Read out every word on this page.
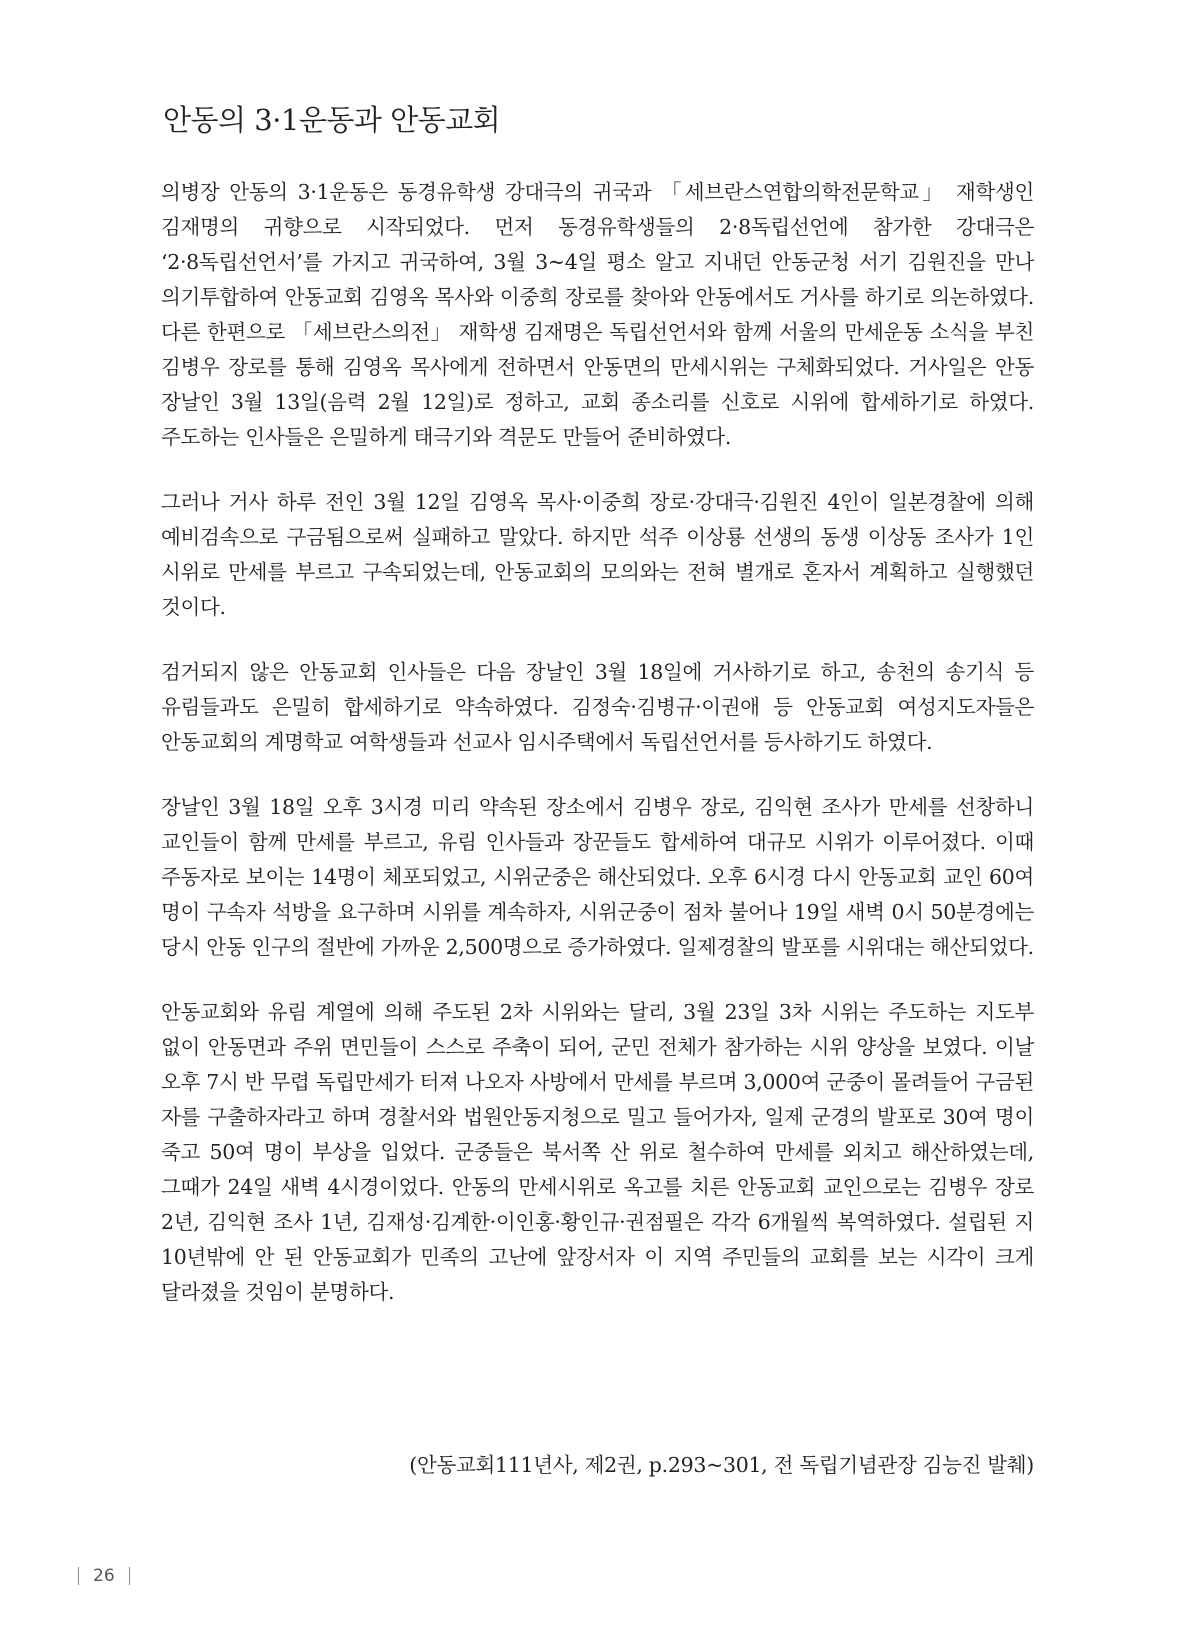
안동의 3·1운동과 안동교회

의병장 안동의 3·1운동은 동경유학생 강대극의 귀국과 「세브란스연합의학전문학교」 재학생인 김재명의 귀향으로 시작되었다. 먼저 동경유학생들의 2·8독립선언에 참가한 강대극은 ‘2·8독립선언서’를 가지고 귀국하여, 3월 3~4일 평소 알고 지내던 안동군청 서기 김원진을 만나 의기투합하여 안동교회 김영옥 목사와 이중희 장로를 찾아와 안동에서도 거사를 하기로 의논하였다. 다른 한편으로 「세브란스의전」 재학생 김재명은 독립선언서와 함께 서울의 만세운동 소식을 부친 김병우 장로를 통해 김영옥 목사에게 전하면서 안동면의 만세시위는 구체화되었다. 거사일은 안동 장날인 3월 13일(음력 2월 12일)로 정하고, 교회 종소리를 신호로 시위에 합세하기로 하였다. 주도하는 인사들은 은밀하게 태극기와 격문도 만들어 준비하였다.

그러나 거사 하루 전인 3월 12일 김영옥 목사·이중희 장로·강대극·김원진 4인이 일본경찰에 의해 예비검속으로 구금됨으로써 실패하고 말았다. 하지만 석주 이상룡 선생의 동생 이상동 조사가 1인 시위로 만세를 부르고 구속되었는데, 안동교회의 모의와는 전혀 별개로 혼자서 계획하고 실행했던 것이다.

검거되지 않은 안동교회 인사들은 다음 장날인 3월 18일에 거사하기로 하고, 송천의 송기식 등 유림들과도 은밀히 합세하기로 약속하였다. 김정숙·김병규·이권애 등 안동교회 여성지도자들은 안동교회의 계명학교 여학생들과 선교사 임시주택에서 독립선언서를 등사하기도 하였다.

장날인 3월 18일 오후 3시경 미리 약속된 장소에서 김병우 장로, 김익현 조사가 만세를 선창하니 교인들이 함께 만세를 부르고, 유림 인사들과 장꾼들도 합세하여 대규모 시위가 이루어졌다. 이때 주동자로 보이는 14명이 체포되었고, 시위군중은 해산되었다. 오후 6시경 다시 안동교회 교인 60여 명이 구속자 석방을 요구하며 시위를 계속하자, 시위군중이 점차 불어나 19일 새벽 0시 50분경에는 당시 안동 인구의 절반에 가까운 2,500명으로 증가하였다. 일제경찰의 발포를 시위대는 해산되었다.

안동교회와 유림 계열에 의해 주도된 2차 시위와는 달리, 3월 23일 3차 시위는 주도하는 지도부 없이 안동면과 주위 면민들이 스스로 주축이 되어, 군민 전체가 참가하는 시위 양상을 보였다. 이날 오후 7시 반 무렵 독립만세가 터져 나오자 사방에서 만세를 부르며 3,000여 군중이 몰려들어 구금된 자를 구출하자라고 하며 경찰서와 법원안동지청으로 밀고 들어가자, 일제 군경의 발포로 30여 명이 죽고 50여 명이 부상을 입었다. 군중들은 북서쪽 산 위로 철수하여 만세를 외치고 해산하였는데, 그때가 24일 새벽 4시경이었다. 안동의 만세시위로 옥고를 치른 안동교회 교인으로는 김병우 장로 2년, 김익현 조사 1년, 김재성·김계한·이인홍·황인규·권점필은 각각 6개월씩 복역하였다. 설립된 지 10년밖에 안 된 안동교회가 민족의 고난에 앞장서자 이 지역 주민들의 교회를 보는 시각이 크게 달라졌을 것임이 분명하다.

(안동교회111년사, 제2권, p.293~301, 전 독립기념관장 김능진 발췌)

26
